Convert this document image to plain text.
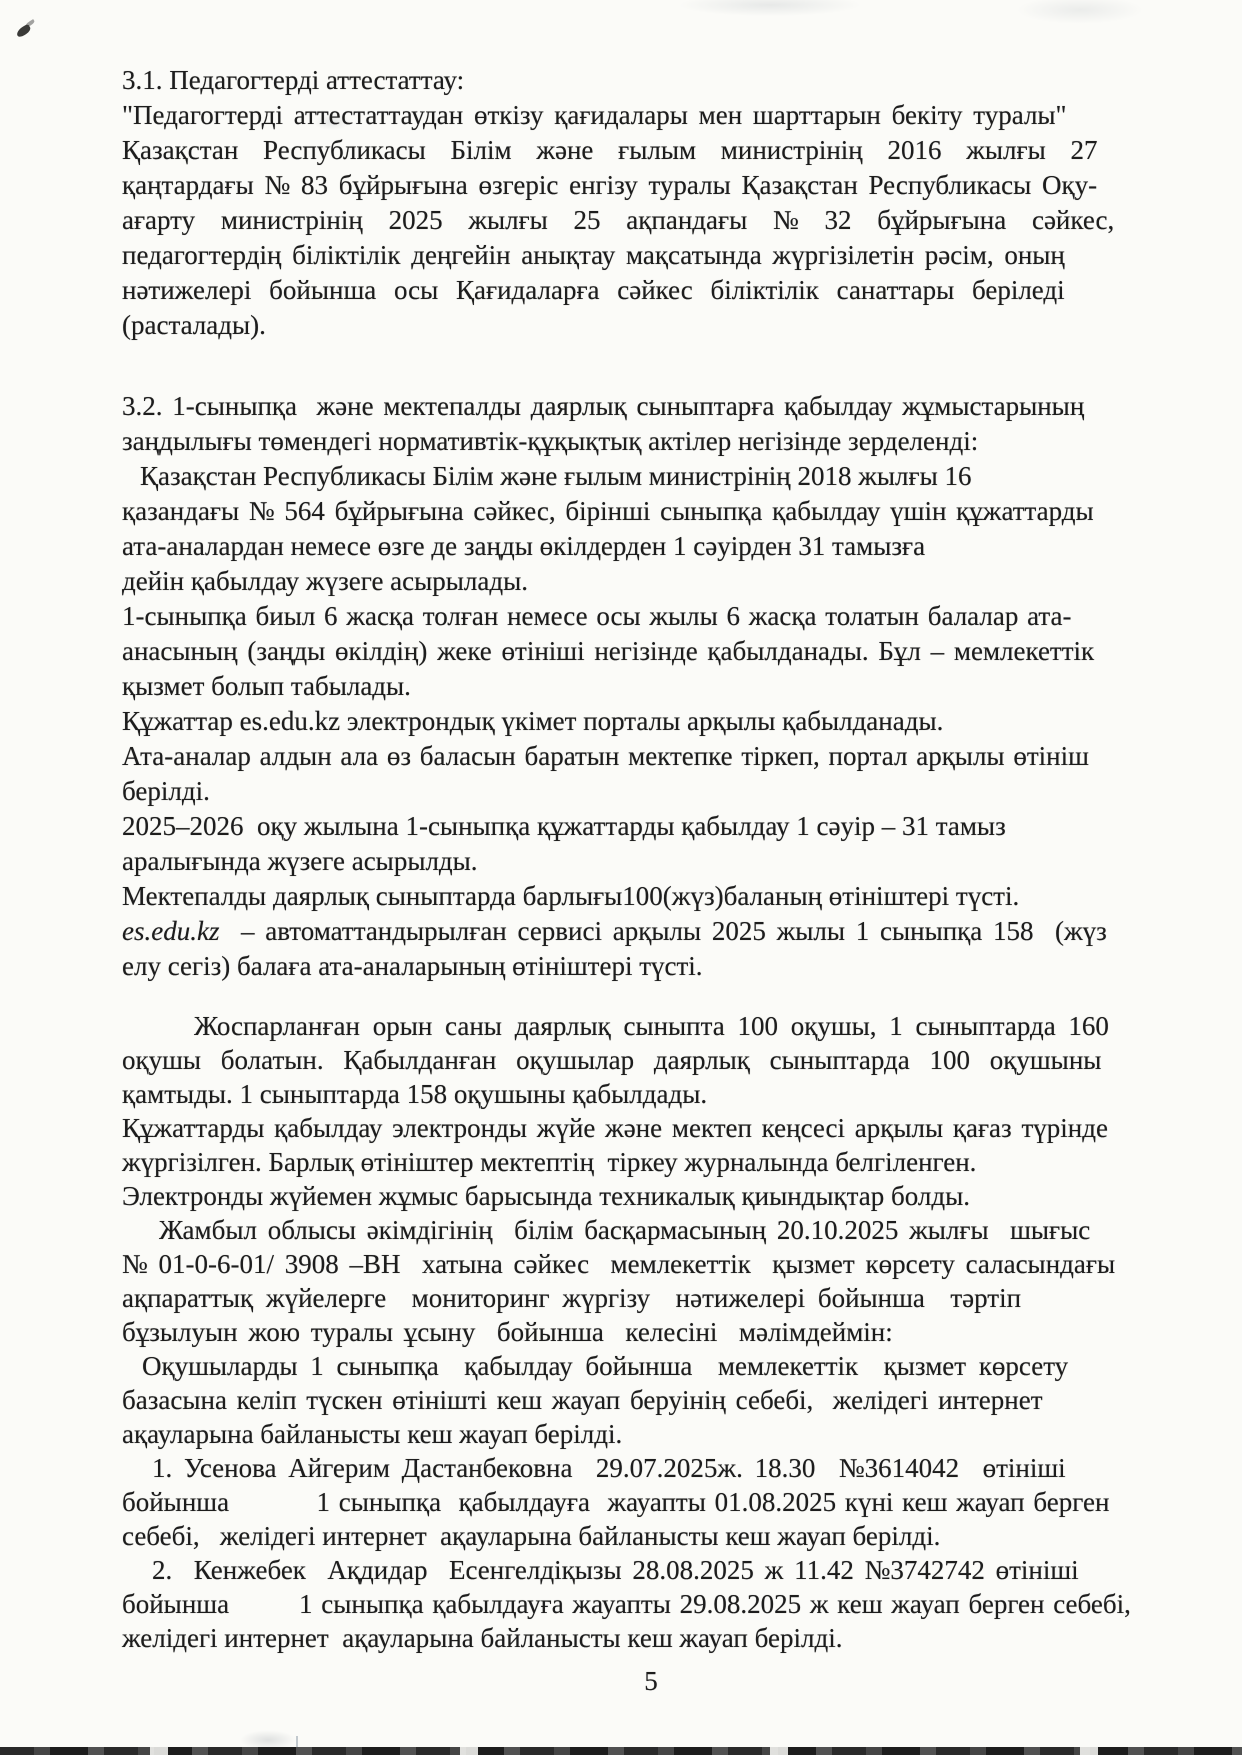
3.1. Педагогтерді аттестаттау:
"Педагогтерді аттестаттаудан өткізу қағидалары мен шарттарын бекіту туралы"
Қазақстан Республикасы Білім және ғылым министрінің 2016 жылғы 27
қаңтардағы № 83 бұйрығына өзгеріс енгізу туралы Қазақстан Республикасы Оқу-
ағарту министрінің 2025 жылғы 25 ақпандағы № 32 бұйрығына сәйкес,
педагогтердің біліктілік деңгейін анықтау мақсатында жүргізілетін рәсім, оның
нәтижелері бойынша осы Қағидаларға сәйкес біліктілік санаттары беріледі
(расталады).
3.2. 1-сыныпқа  және мектепалды даярлық сыныптарға қабылдау жұмыстарының
заңдылығы төмендегі нормативтік-құқықтық актілер негізінде зерделенді:
Қазақстан Республикасы Білім және ғылым министрінің 2018 жылғы 16
қазандағы № 564 бұйрығына сәйкес, бірінші сыныпқа қабылдау үшін құжаттарды
ата-аналардан немесе өзге де заңды өкілдерден 1 сәуірден 31 тамызға
дейін қабылдау жүзеге асырылады.
1-сыныпқа биыл 6 жасқа толған немесе осы жылы 6 жасқа толатын балалар ата-
анасының (заңды өкілдің) жеке өтініші негізінде қабылданады. Бұл – мемлекеттік
қызмет болып табылады.
Құжаттар es.edu.kz электрондық үкімет порталы арқылы қабылданады.
Ата-аналар алдын ала өз баласын баратын мектепке тіркеп, портал арқылы өтініш
берілді.
2025–2026  оқу жылына 1-сыныпқа құжаттарды қабылдау 1 сәуір – 31 тамыз
аралығында жүзеге асырылды.
Мектепалды даярлық сыныптарда барлығы100(жүз)баланың өтініштері түсті.
es.edu.kz  – автоматтандырылған сервисі арқылы 2025 жылы 1 сыныпқа 158  (жүз
елу сегіз) балаға ата-аналарының өтініштері түсті.
Жоспарланған орын саны даярлық сыныпта 100 оқушы, 1 сыныптарда 160
оқушы болатын. Қабылданған оқушылар даярлық сыныптарда 100 оқушыны
қамтыды. 1 сыныптарда 158 оқушыны қабылдады.
Құжаттарды қабылдау электронды жүйе және мектеп кеңсесі арқылы қағаз түрінде
жүргізілген. Барлық өтініштер мектептің  тіркеу журналында белгіленген.
Электронды жүйемен жұмыс барысында техникалық қиындықтар болды.
Жамбыл облысы әкімдігінің  білім басқармасының 20.10.2025 жылғы  шығыс
№ 01-0-6-01/ 3908 –ВН  хатына сәйкес  мемлекеттік  қызмет көрсету саласындағы
ақпараттық жүйелерге  мониторинг жүргізу  нәтижелері бойынша  тәртіп
бұзылуын жою туралы ұсыну  бойынша  келесіні  мәлімдеймін:
Оқушыларды 1 сыныпқа  қабылдау бойынша  мемлекеттік  қызмет көрсету
базасына келіп түскен өтінішті кеш жауап беруінің себебі,  желідегі интернет
ақауларына байланысты кеш жауап берілді.
1. Усенова Айгерим Дастанбековна  29.07.2025ж. 18.30  №3614042  өтініші
бойынша          1 сыныпқа  қабылдауға  жауапты 01.08.2025 күні кеш жауап берген
себебі,   желідегі интернет  ақауларына байланысты кеш жауап берілді.
2.  Кенжебек  Ақдидар  Есенгелдіқызы 28.08.2025 ж 11.42 №3742742 өтініші
бойынша        1 сыныпқа қабылдауға жауапты 29.08.2025 ж кеш жауап берген себебі,
желідегі интернет  ақауларына байланысты кеш жауап берілді.
5
